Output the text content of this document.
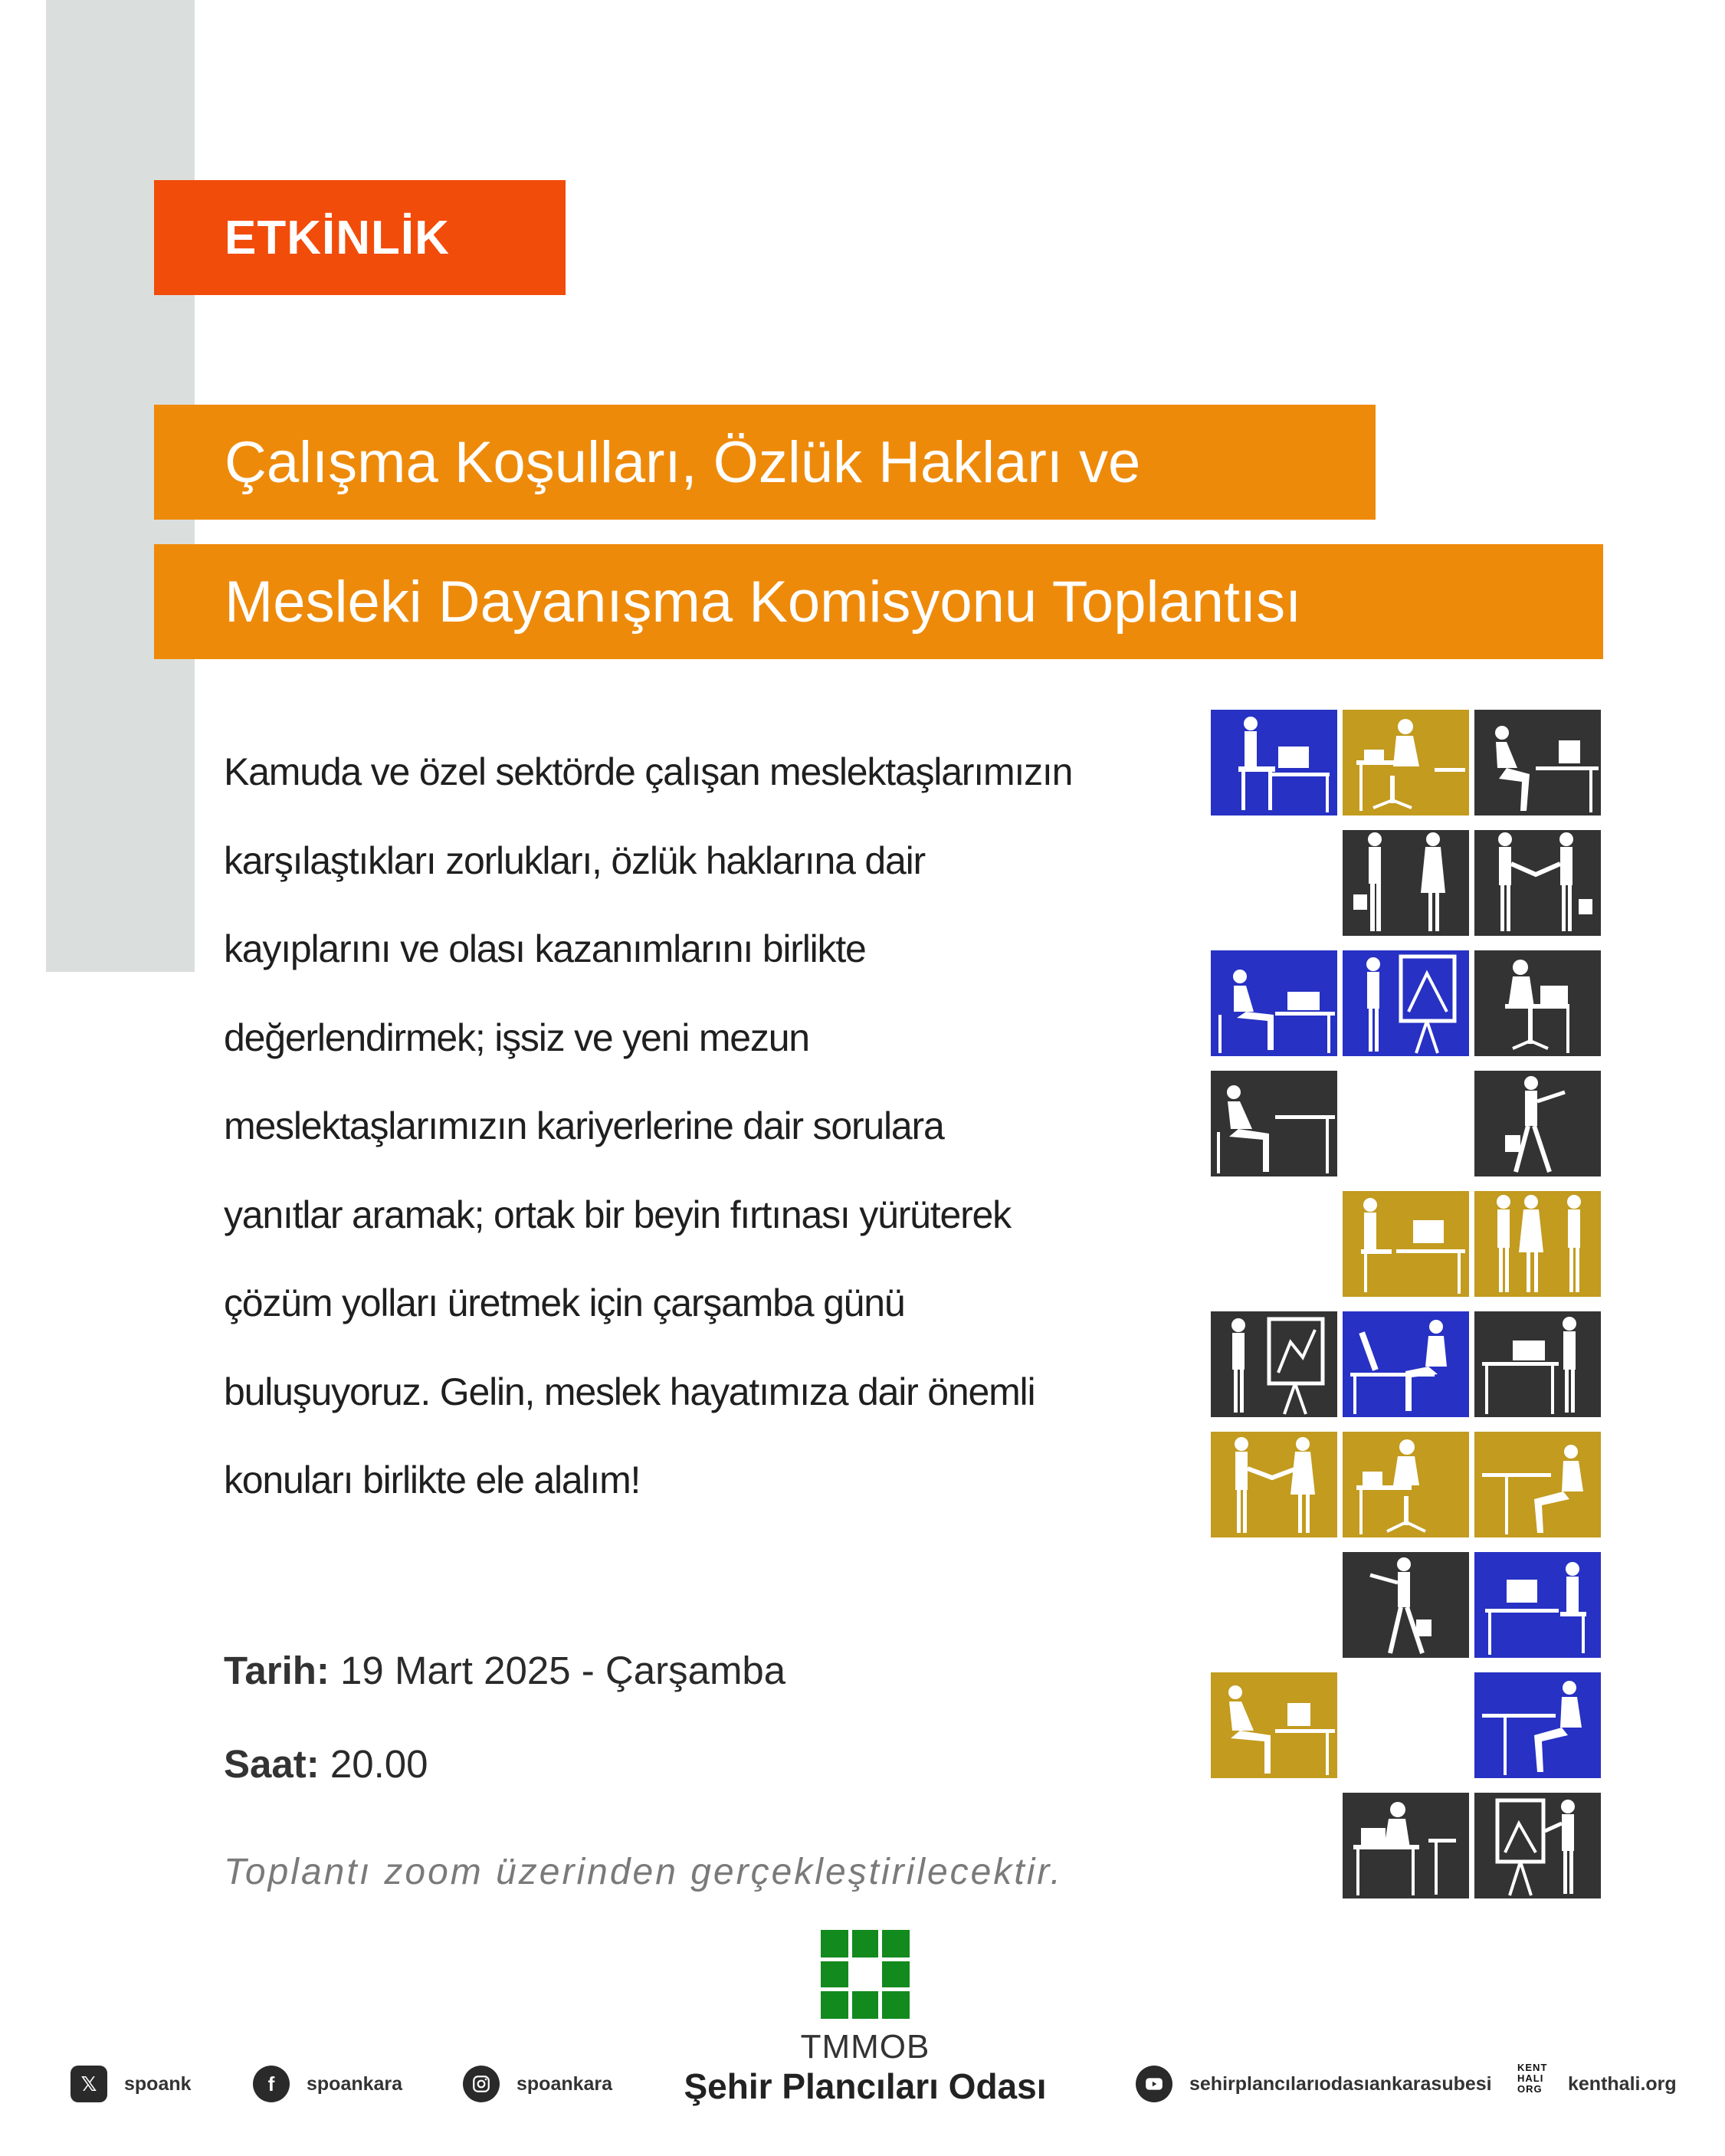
ETKİNLİK
Çalışma Koşulları, Özlük Hakları ve
Mesleki Dayanışma Komisyonu Toplantısı
Kamuda ve özel sektörde çalışan meslektaşlarımızın
karşılaştıkları zorlukları, özlük haklarına dair
kayıplarını ve olası kazanımlarını birlikte
değerlendirmek; işsiz ve yeni mezun
meslektaşlarımızın kariyerlerine dair sorulara
yanıtlar aramak; ortak bir beyin fırtınası yürüterek
çözüm yolları üretmek için çarşamba günü
buluşuyoruz. Gelin, meslek hayatımıza dair önemli
konuları birlikte ele alalım!
Tarih: 19 Mart 2025 - Çarşamba
Saat: 20.00
Toplantı zoom üzerinden gerçekleştirilecektir.
TMMOB
Şehir Plancıları Odası
𝕏	spoank	f	spoankara	spoankara	sehirplancılarıodasıankarasubesi
KENT HALI ORG	kenthali.org
